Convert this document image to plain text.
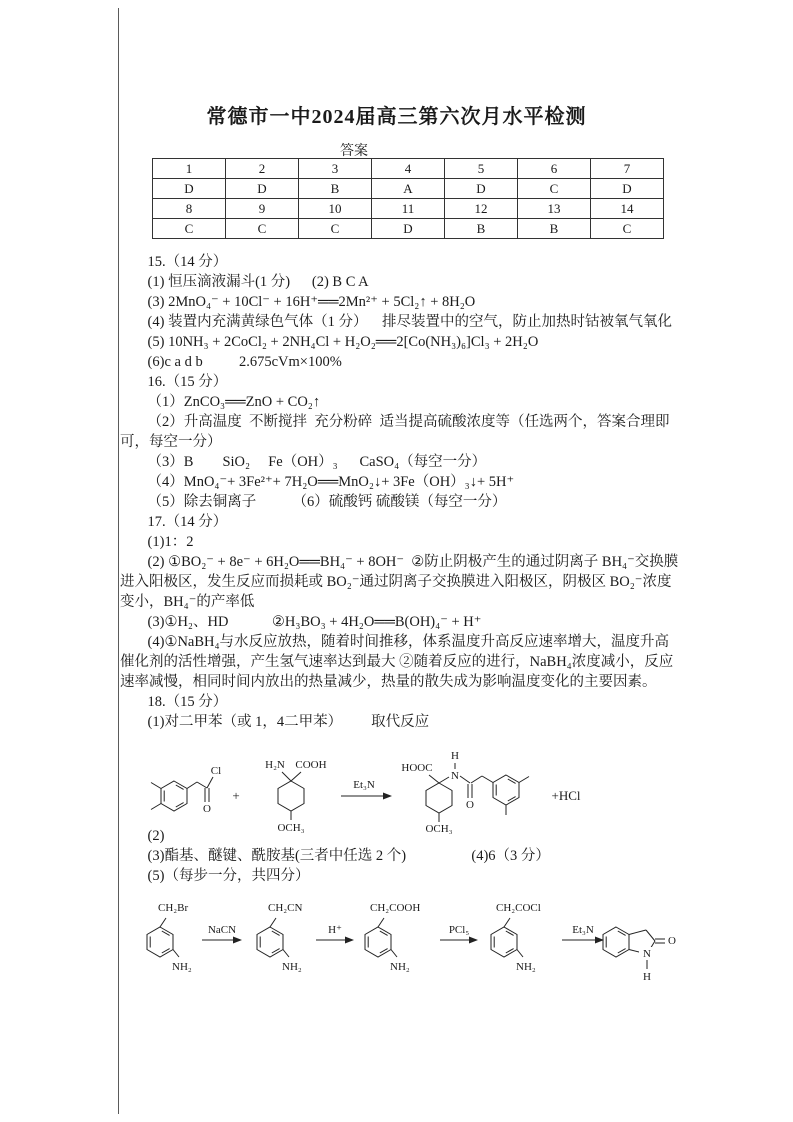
常德市一中2024届高三第六次月水平检测
答案
1	2	3	4	5	6	7
D	D	B	A	D	C	D
8	9	10	11	12	13	14
C	C	C	D	B	B	C

15.（14 分）

(1) 恒压滴液漏斗(1 分)      (2) B C A

(3) 2MnO₄⁻ + 10Cl⁻ + 16H⁺══2Mn²⁺ + 5Cl₂↑ + 8H₂O

(4) 装置内充满黄绿色气体（1 分）    排尽装置中的空气，防止加热时钴被氧气氧化

(5) 10NH₃ + 2CoCl₂ + 2NH₄Cl + H₂O₂══2[Co(NH₃)₆]Cl₃ + 2H₂O

(6)c a d b          2.675cVm×100%

16.（15 分）

（1）ZnCO₃══ZnO + CO₂↑

（2）升高温度  不断搅拌  充分粉碎  适当提高硫酸浓度等（任选两个，答案合理即可，每空一分）

（3）B        SiO₂     Fe（OH）₃      CaSO₄（每空一分）

（4）MnO₄⁻+ 3Fe²⁺+ 7H₂O══MnO₂↓+ 3Fe（OH）₃↓+ 5H⁺

（5）除去铜离子          （6）硫酸钙 硫酸镁（每空一分）

17.（14 分）

(1)1：2

(2) ①BO₂⁻ + 8e⁻ + 6H₂O══BH₄⁻ + 8OH⁻  ②防止阴极产生的通过阴离子 BH₄⁻交换膜进入阳极区，发生反应而损耗或 BO₂⁻通过阴离子交换膜进入阳极区，阴极区 BO₂⁻浓度变小，BH₄⁻的产率低

(3)①H₂、HD            ②H₃BO₃ + 4H₂O══B(OH)₄⁻ + H⁺

(4)①NaBH₄与水反应放热，随着时间推移，体系温度升高反应速率增大，温度升高催化剂的活性增强，产生氢气速率达到最大 ②随着反应的进行，NaBH₄浓度减小，反应速率减慢，相同时间内放出的热量减少，热量的散失成为影响温度变化的主要因素。

18.（15 分）

(1)对二甲苯（或 1，4二甲苯）        取代反应

Cl
O
+
H₂N COOH
OCH₃
Et₃N
HOOC
N
H
O
OCH₃
+HCl

(2)

(3)酯基、醚键、酰胺基(三者中任选 2 个)                  (4)6（3 分）

(5)（每步一分，共四分）

CH₂Br
NH₂
NaCN
CH₂CN
NH₂
H⁺
CH₂COOH
NH₂
PCl₅
CH₂COCl
NH₂
Et₃N
O
N
H
